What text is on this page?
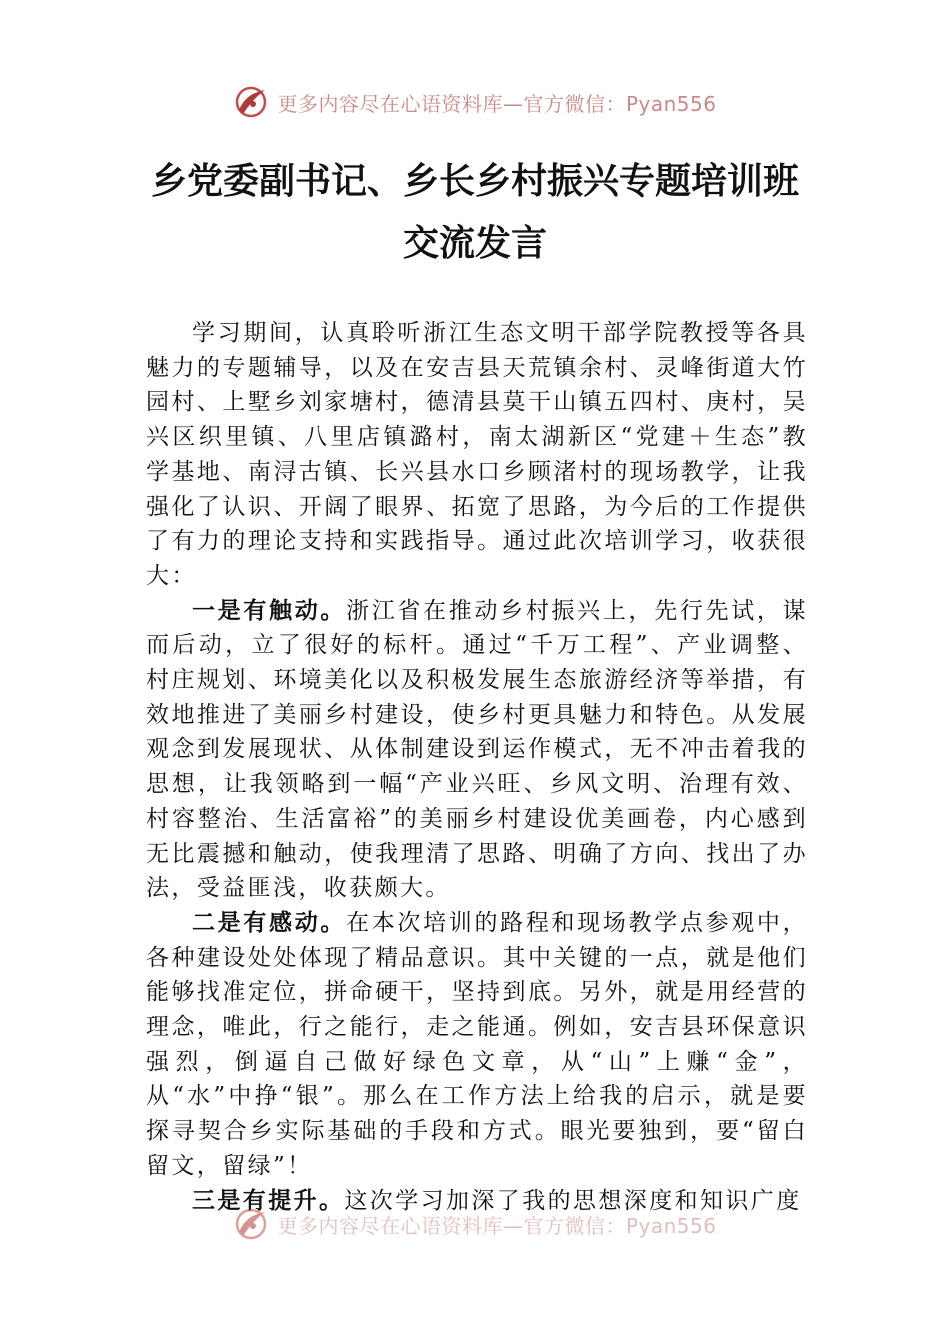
更多内容尽在心语资料库—官方微信：Pyan556

乡党委副书记、乡长乡村振兴专题培训班

交流发言

学习期间，认真聆听浙江生态文明干部学院教授等各具魅力的专题辅导，以及在安吉县天荒镇余村、灵峰街道大竹园村、上墅乡刘家塘村，德清县莫干山镇五四村、庚村，吴兴区织里镇、八里店镇潞村，南太湖新区“党建＋生态”教学基地、南浔古镇、长兴县水口乡顾渚村的现场教学，让我强化了认识、开阔了眼界、拓宽了思路，为今后的工作提供了有力的理论支持和实践指导。通过此次培训学习，收获很大：

一是有触动。浙江省在推动乡村振兴上，先行先试，谋而后动，立了很好的标杆。通过“千万工程”、产业调整、村庄规划、环境美化以及积极发展生态旅游经济等举措，有效地推进了美丽乡村建设，使乡村更具魅力和特色。从发展观念到发展现状、从体制建设到运作模式，无不冲击着我的思想，让我领略到一幅“产业兴旺、乡风文明、治理有效、村容整治、生活富裕”的美丽乡村建设优美画卷，内心感到无比震撼和触动，使我理清了思路、明确了方向、找出了办法，受益匪浅，收获颇大。

二是有感动。在本次培训的路程和现场教学点参观中，各种建设处处体现了精品意识。其中关键的一点，就是他们能够找准定位，拼命硬干，坚持到底。另外，就是用经营的理念，唯此，行之能行，走之能通。例如，安吉县环保意识强烈，倒逼自己做好绿色文章，从“山”上赚“金”，从“水”中挣“银”。那么在工作方法上给我的启示，就是要探寻契合乡实际基础的手段和方式。眼光要独到，要“留白留文，留绿”！

三是有提升。这次学习加深了我的思想深度和知识广度

更多内容尽在心语资料库—官方微信：Pyan556
